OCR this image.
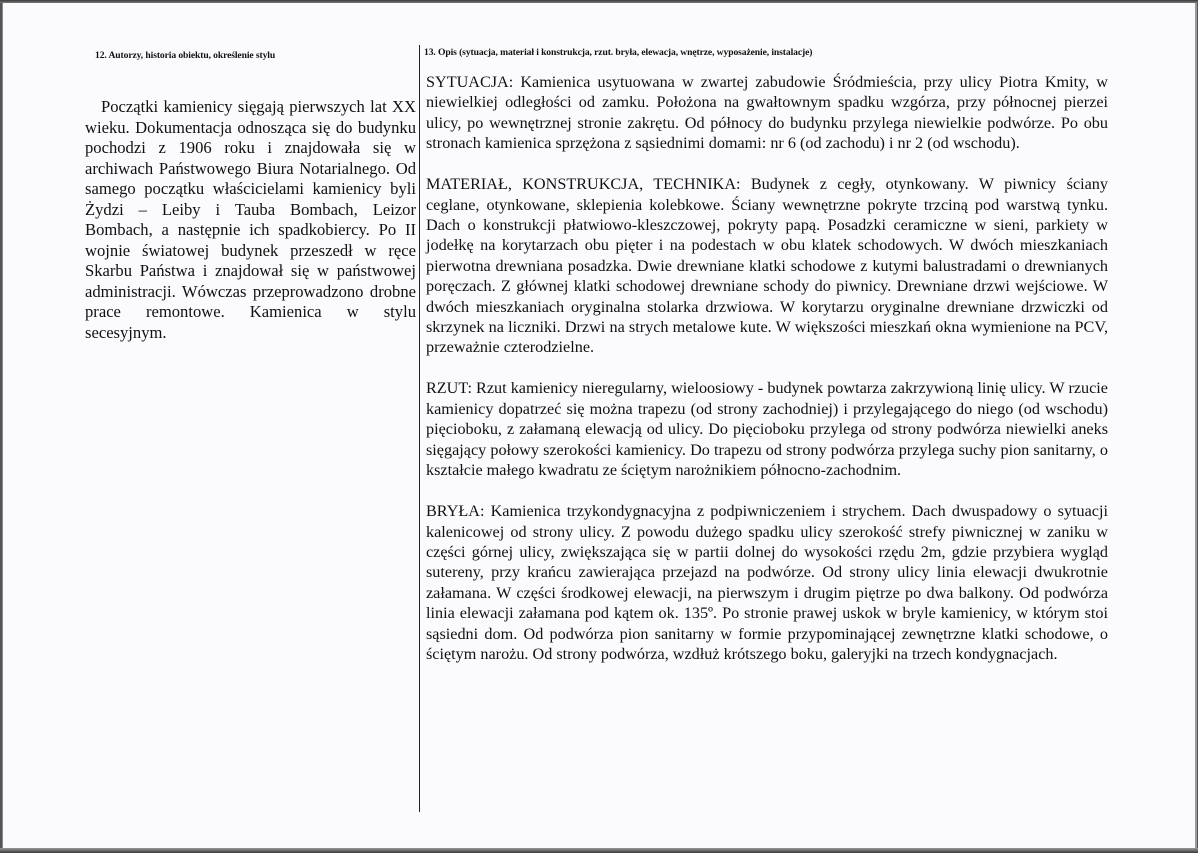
12. Autorzy, historia obiektu, określenie stylu	13. Opis (sytuacja, materiał i konstrukcja, rzut. bryła, elewacja, wnętrze, wyposażenie, instalacje)

Początki kamienicy sięgają pierwszych lat XX wieku. Dokumentacja odnosząca się do budynku pochodzi z 1906 roku i znajdowała się w archiwach Państwowego Biura Notarialnego. Od samego początku właścicielami kamienicy byli Żydzi – Leiby i Tauba Bombach, Leizor Bombach, a następnie ich spadkobiercy. Po II wojnie światowej budynek przeszedł w ręce Skarbu Państwa i znajdował się w państwowej administracji. Wówczas przeprowadzono drobne prace remontowe. Kamienica w stylu secesyjnym.

SYTUACJA: Kamienica usytuowana w zwartej zabudowie Śródmieścia, przy ulicy Piotra Kmity, w niewielkiej odległości od zamku. Położona na gwałtownym spadku wzgórza, przy północnej pierzei ulicy, po wewnętrznej stronie zakrętu. Od północy do budynku przylega niewielkie podwórze. Po obu stronach kamienica sprzężona z sąsiednimi domami: nr 6 (od zachodu) i nr 2 (od wschodu).

MATERIAŁ, KONSTRUKCJA, TECHNIKA: Budynek z cegły, otynkowany. W piwnicy ściany ceglane, otynkowane, sklepienia kolebkowe. Ściany wewnętrzne pokryte trzciną pod warstwą tynku. Dach o konstrukcji płatwiowo-kleszczowej, pokryty papą. Posadzki ceramiczne w sieni, parkiety w jodełkę na korytarzach obu pięter i na podestach w obu klatek schodowych. W dwóch mieszkaniach pierwotna drewniana posadzka. Dwie drewniane klatki schodowe z kutymi balustradami o drewnianych poręczach. Z głównej klatki schodowej drewniane schody do piwnicy. Drewniane drzwi wejściowe. W dwóch mieszkaniach oryginalna stolarka drzwiowa. W korytarzu oryginalne drewniane drzwiczki od skrzynek na liczniki. Drzwi na strych metalowe kute. W większości mieszkań okna wymienione na PCV, przeważnie czterodzielne.

RZUT: Rzut kamienicy nieregularny, wieloosiowy - budynek powtarza zakrzywioną linię ulicy. W rzucie kamienicy dopatrzeć się można trapezu (od strony zachodniej) i przylegającego do niego (od wschodu) pięcioboku, z załamaną elewacją od ulicy. Do pięcioboku przylega od strony podwórza niewielki aneks sięgający połowy szerokości kamienicy. Do trapezu od strony podwórza przylega suchy pion sanitarny, o kształcie małego kwadratu ze ściętym narożnikiem północno-zachodnim.

BRYŁA: Kamienica trzykondygnacyjna z podpiwniczeniem i strychem. Dach dwuspadowy o sytuacji kalenicowej od strony ulicy. Z powodu dużego spadku ulicy szerokość strefy piwnicznej w zaniku w części górnej ulicy, zwiększająca się w partii dolnej do wysokości rzędu 2m, gdzie przybiera wygląd sutereny, przy krańcu zawierająca przejazd na podwórze. Od strony ulicy linia elewacji dwukrotnie załamana. W części środkowej elewacji, na pierwszym i drugim piętrze po dwa balkony. Od podwórza linia elewacji załamana pod kątem ok. 135º. Po stronie prawej uskok w bryle kamienicy, w którym stoi sąsiedni dom. Od podwórza pion sanitarny w formie przypominającej zewnętrzne klatki schodowe, o ściętym narożu. Od strony podwórza, wzdłuż krótszego boku, galeryjki na trzech kondygnacjach.
